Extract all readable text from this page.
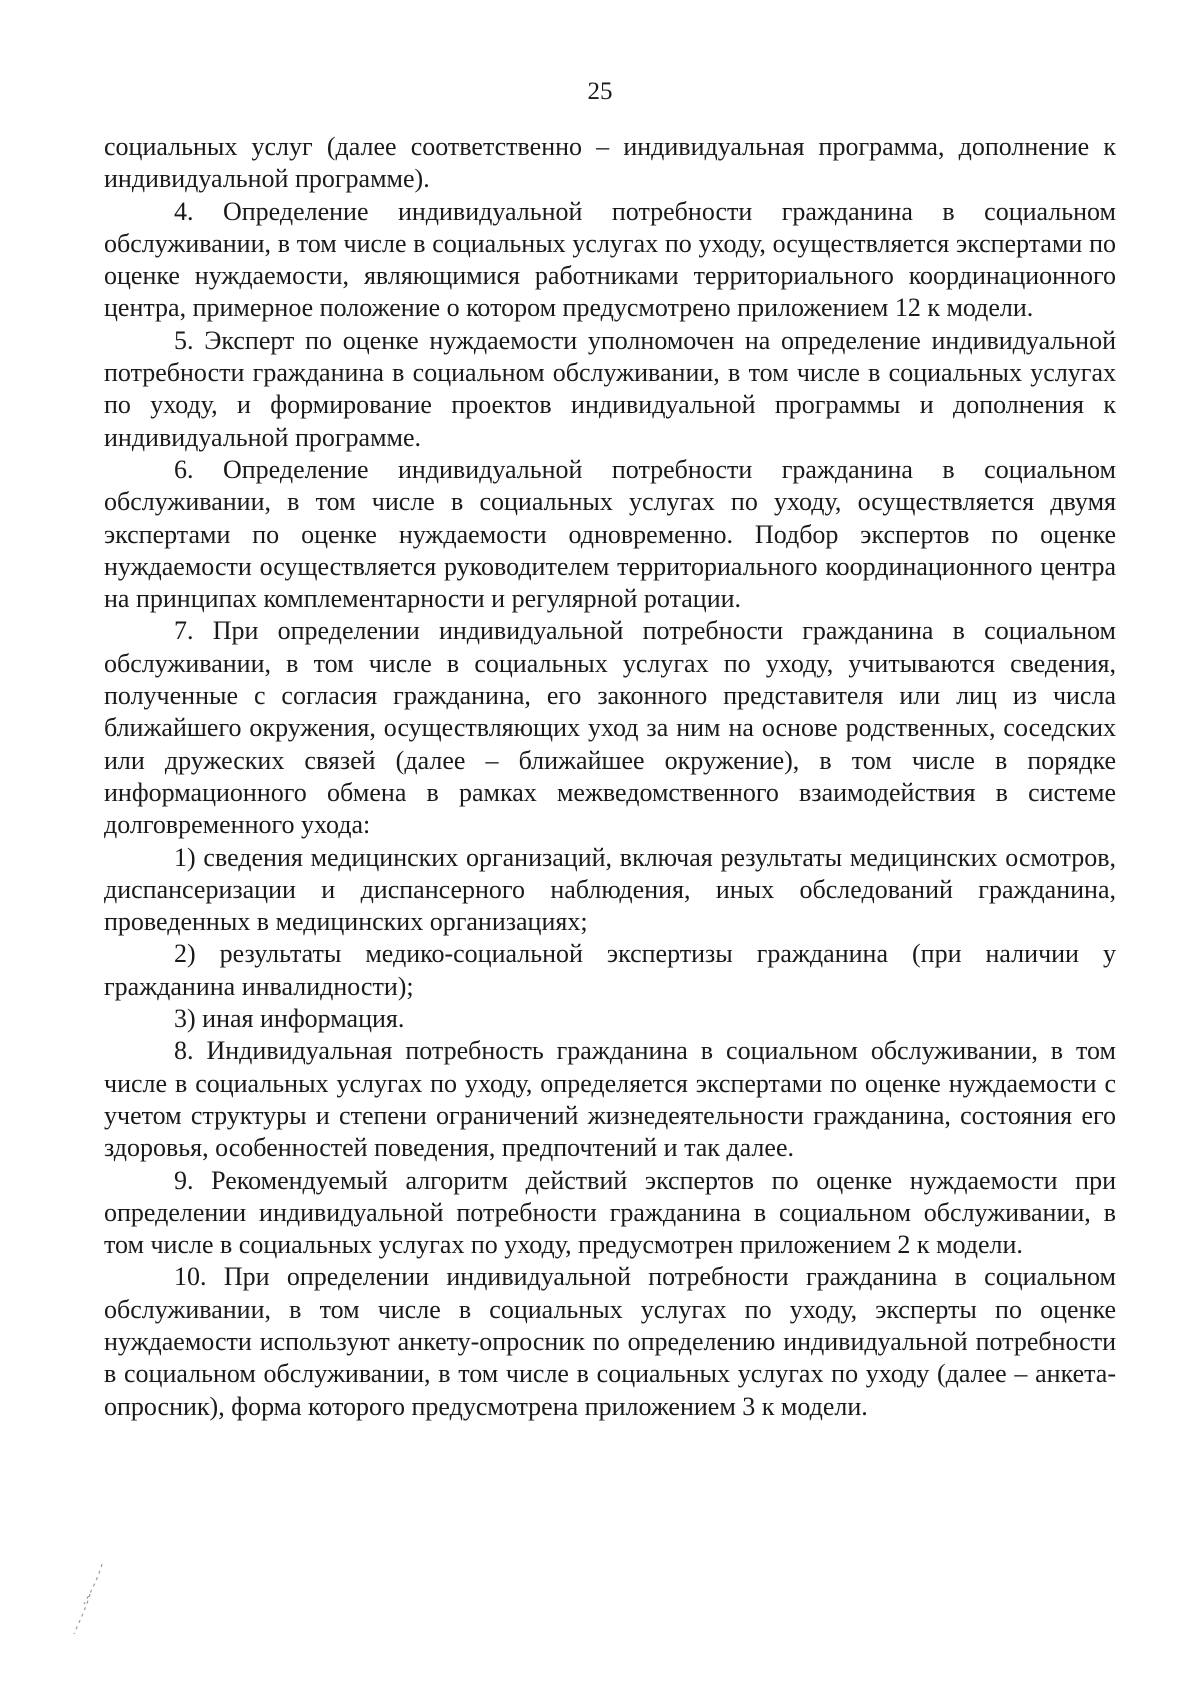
25

социальных услуг (далее соответственно – индивидуальная программа, дополнение к индивидуальной программе).

4. Определение индивидуальной потребности гражданина в социальном обслуживании, в том числе в социальных услугах по уходу, осуществляется экспертами по оценке нуждаемости, являющимися работниками территориального координационного центра, примерное положение о котором предусмотрено приложением 12 к модели.

5. Эксперт по оценке нуждаемости уполномочен на определение индивидуальной потребности гражданина в социальном обслуживании, в том числе в социальных услугах по уходу, и формирование проектов индивидуальной программы и дополнения к индивидуальной программе.

6. Определение индивидуальной потребности гражданина в социальном обслуживании, в том числе в социальных услугах по уходу, осуществляется двумя экспертами по оценке нуждаемости одновременно. Подбор экспертов по оценке нуждаемости осуществляется руководителем территориального координационного центра на принципах комплементарности и регулярной ротации.

7. При определении индивидуальной потребности гражданина в социальном обслуживании, в том числе в социальных услугах по уходу, учитываются сведения, полученные с согласия гражданина, его законного представителя или лиц из числа ближайшего окружения, осуществляющих уход за ним на основе родственных, соседских или дружеских связей (далее – ближайшее окружение), в том числе в порядке информационного обмена в рамках межведомственного взаимодействия в системе долговременного ухода:

1) сведения медицинских организаций, включая результаты медицинских осмотров, диспансеризации и диспансерного наблюдения, иных обследований гражданина, проведенных в медицинских организациях;

2) результаты медико-социальной экспертизы гражданина (при наличии у гражданина инвалидности);

3) иная информация.

8. Индивидуальная потребность гражданина в социальном обслуживании, в том числе в социальных услугах по уходу, определяется экспертами по оценке нуждаемости с учетом структуры и степени ограничений жизнедеятельности гражданина, состояния его здоровья, особенностей поведения, предпочтений и так далее.

9. Рекомендуемый алгоритм действий экспертов по оценке нуждаемости при определении индивидуальной потребности гражданина в социальном обслуживании, в том числе в социальных услугах по уходу, предусмотрен приложением 2 к модели.

10. При определении индивидуальной потребности гражданина в социальном обслуживании, в том числе в социальных услугах по уходу, эксперты по оценке нуждаемости используют анкету-опросник по определению индивидуальной потребности в социальном обслуживании, в том числе в социальных услугах по уходу (далее – анкета-опросник), форма которого предусмотрена приложением 3 к модели.
